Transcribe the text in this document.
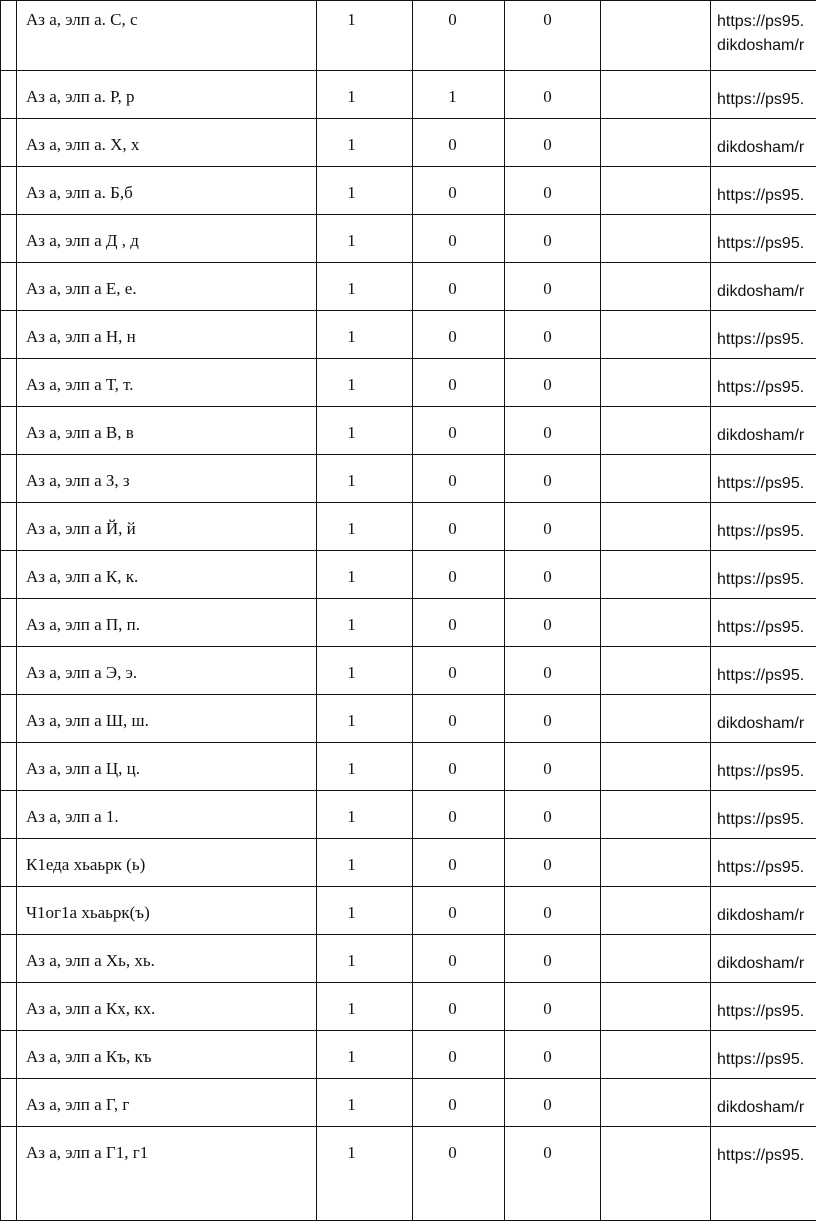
	Аз а, элп а. С, с	1	0	0		https://ps95.
dikdosham/r

	Аз а, элп а. Р, р	1	1	0		https://ps95.

	Аз а, элп а. Х, х	1	0	0		dikdosham/r

	Аз а, элп а. Б,б	1	0	0		https://ps95.

	Аз а, элп а Д , д	1	0	0		https://ps95.

	Аз а, элп а Е, е.	1	0	0		dikdosham/r

	Аз а, элп а Н, н	1	0	0		https://ps95.

	Аз а, элп а Т, т.	1	0	0		https://ps95.

	Аз а, элп а В, в	1	0	0		dikdosham/r

	Аз а, элп а З, з	1	0	0		https://ps95.

	Аз а, элп а Й, й	1	0	0		https://ps95.

	Аз а, элп а К, к.	1	0	0		https://ps95.

	Аз а, элп а П, п.	1	0	0		https://ps95.

	Аз а, элп а Э, э.	1	0	0		https://ps95.

	Аз а, элп а Ш, ш.	1	0	0		dikdosham/r

	Аз а, элп а Ц, ц.	1	0	0		https://ps95.

	Аз а, элп а 1.	1	0	0		https://ps95.

	К1еда хьаьрк (ь)	1	0	0		https://ps95.

	Ч1ог1а хьаьрк(ъ)	1	0	0		dikdosham/r

	Аз а, элп а Хь, хь.	1	0	0		dikdosham/r

	Аз а, элп а Кх, кх.	1	0	0		https://ps95.

	Аз а, элп а Къ, къ	1	0	0		https://ps95.

	Аз а, элп а Г, г	1	0	0		dikdosham/r

	Аз а, элп а Г1, г1	1	0	0		https://ps95.
